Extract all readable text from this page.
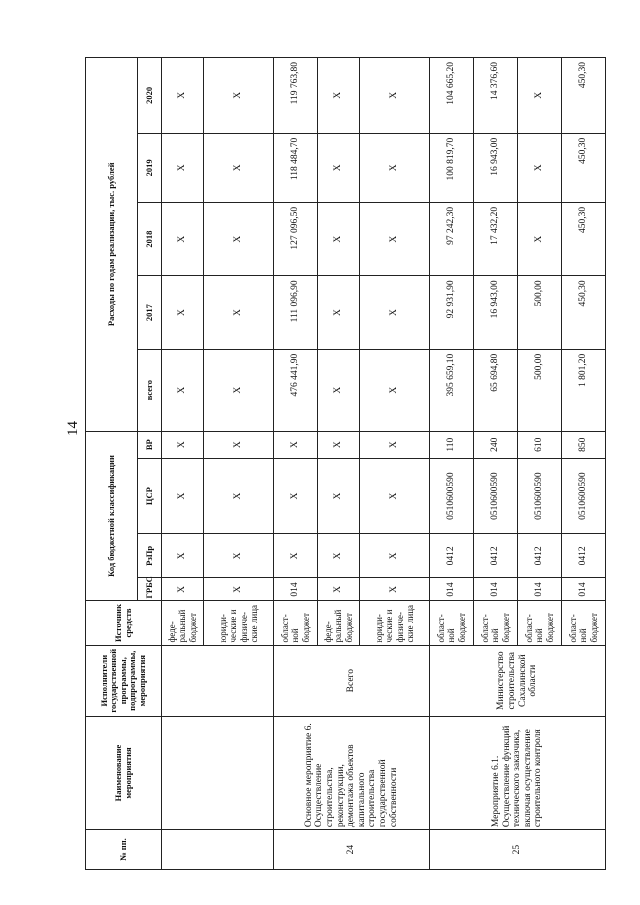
14
№ пп.	Наименование мероприятия	Исполнители государственной программы, подпрограммы, мероприятия	Источник средств	Код бюджетной классификации				Расходы по годам реализации, тыс. рублей				
				ГРБС	РзПр	ЦСР	ВР	всего	2017	2018	2019	2020
			феде-ральный бюджет	X	X	X	X	X	X	X	X	X
			юриди-ческие и физиче-ские лица	X	X	X	X	X	X	X	X	X
24	Основное мероприятие 6. Осуществление строительства, реконструкции, демонтажа объектов капитального строительства государственной собственности	Всего	област-ной бюджет	014	X	X	X	476 441,90	111 096,90	127 096,50	118 484,70	119 763,80
			феде-ральный бюджет	X	X	X	X	X	X	X	X	X
			юриди-ческие и физиче-ские лица	X	X	X	X	X	X	X	X	X
25	Мероприятие 6.1. Осуществление функций технического заказчика, включая осуществление строительного контроля	Министерство строительства Сахалинской области	област-ной бюджет	014	0412	0510600590	110	395 659,10	92 931,90	97 242,30	100 819,70	104 665,20
			област-ной бюджет	014	0412	0510600590	240	65 694,80	16 943,00	17 432,20	16 943,00	14 376,60
			област-ной бюджет	014	0412	0510600590	610	500,00	500,00	X	X	X
			област-ной бюджет	014	0412	0510600590	850	1 801,20	450,30	450,30	450,30	450,30
